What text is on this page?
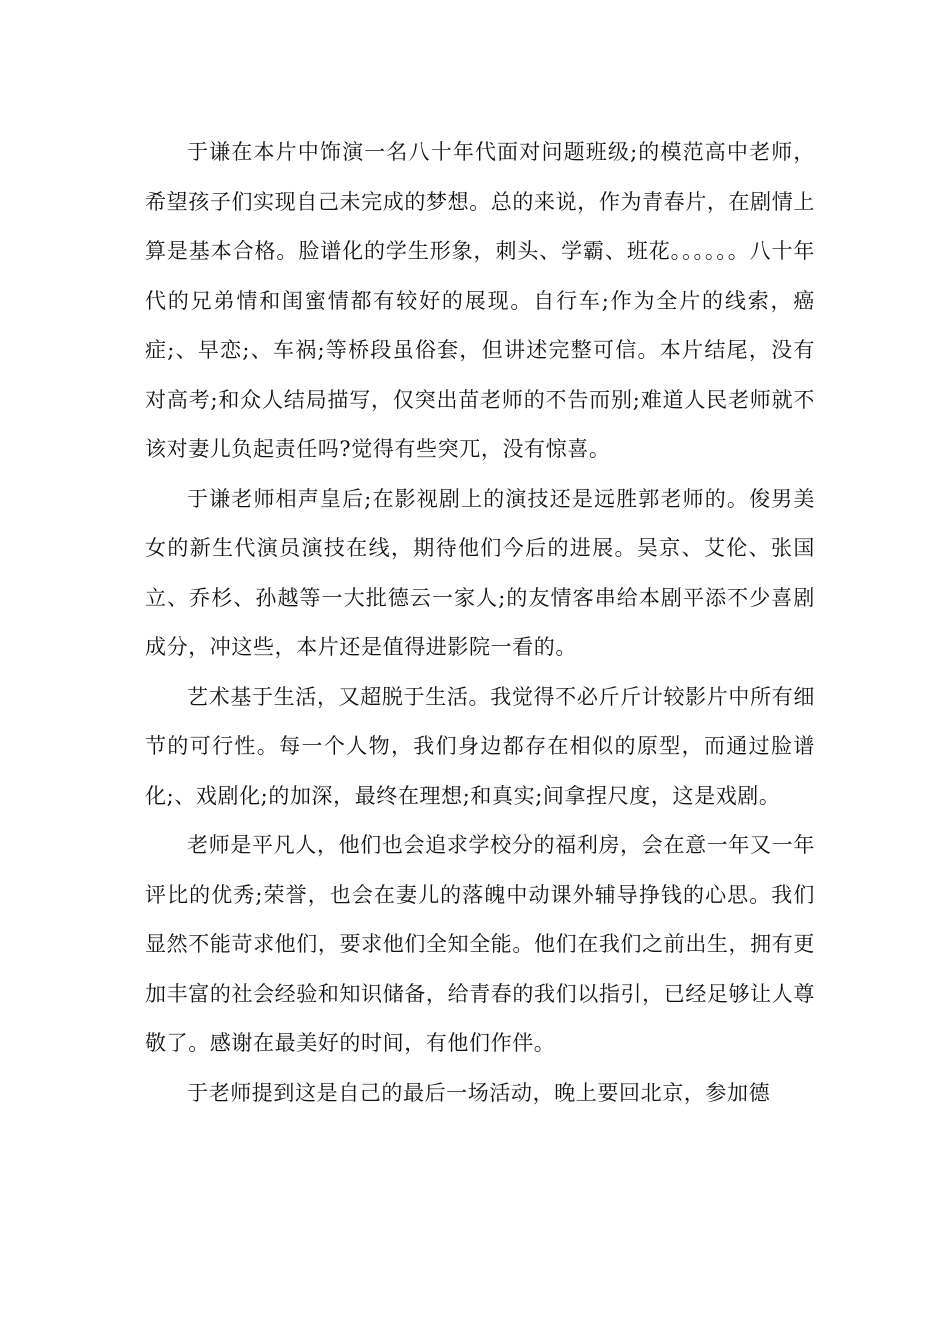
于谦在本片中饰演一名八十年代面对问题班级;的模范高中老师，希望孩子们实现自己未完成的梦想。总的来说，作为青春片，在剧情上算是基本合格。脸谱化的学生形象，刺头、学霸、班花。。。。。。八十年代的兄弟情和闺蜜情都有较好的展现。自行车;作为全片的线索，癌症;、早恋;、车祸;等桥段虽俗套，但讲述完整可信。本片结尾，没有对高考;和众人结局描写，仅突出苗老师的不告而别;难道人民老师就不该对妻儿负起责任吗?觉得有些突兀，没有惊喜。

于谦老师相声皇后;在影视剧上的演技还是远胜郭老师的。俊男美女的新生代演员演技在线，期待他们今后的进展。吴京、艾伦、张国立、乔杉、孙越等一大批德云一家人;的友情客串给本剧平添不少喜剧成分，冲这些，本片还是值得进影院一看的。

艺术基于生活，又超脱于生活。我觉得不必斤斤计较影片中所有细节的可行性。每一个人物，我们身边都存在相似的原型，而通过脸谱化;、戏剧化;的加深，最终在理想;和真实;间拿捏尺度，这是戏剧。

老师是平凡人，他们也会追求学校分的福利房，会在意一年又一年评比的优秀;荣誉，也会在妻儿的落魄中动课外辅导挣钱的心思。我们显然不能苛求他们，要求他们全知全能。他们在我们之前出生，拥有更加丰富的社会经验和知识储备，给青春的我们以指引，已经足够让人尊敬了。感谢在最美好的时间，有他们作伴。

于老师提到这是自己的最后一场活动，晚上要回北京，参加德
